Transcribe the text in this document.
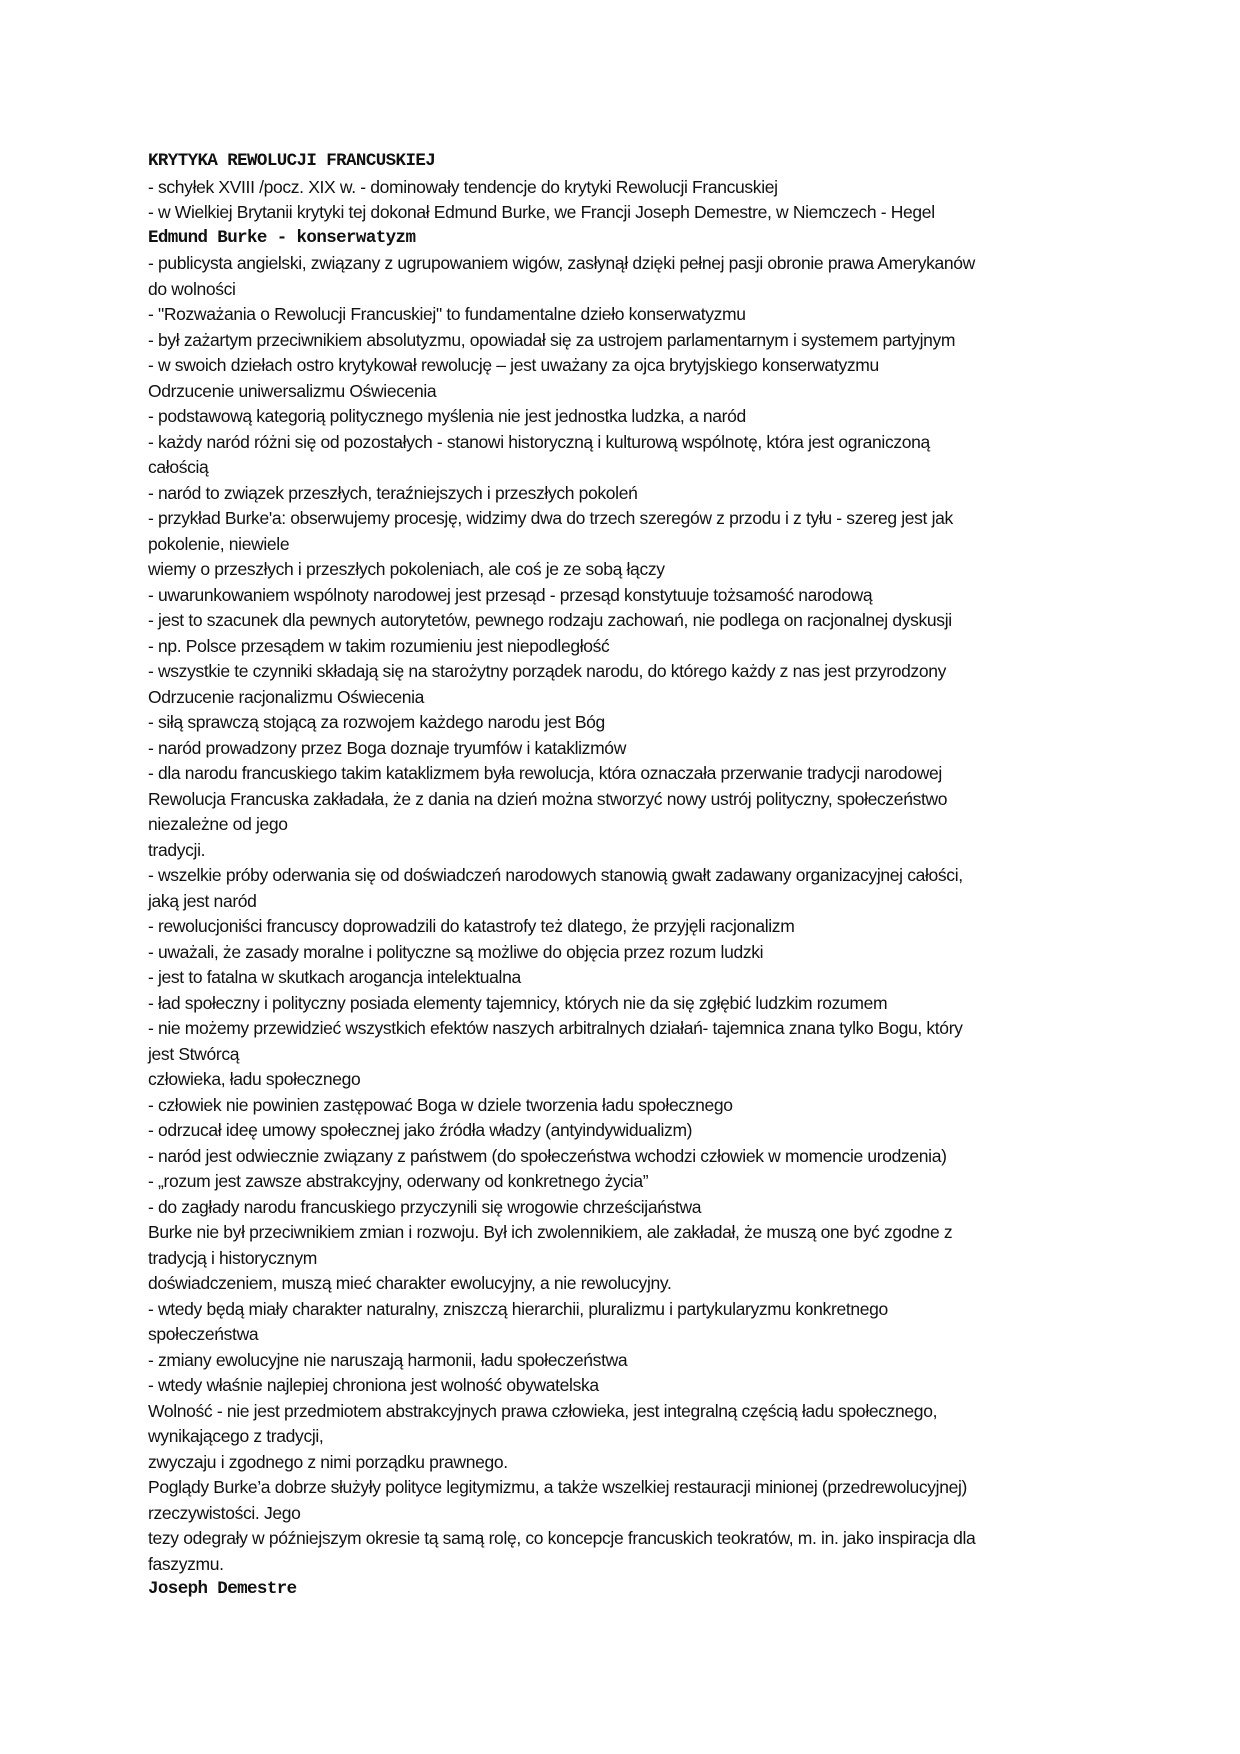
KRYTYKA REWOLUCJI FRANCUSKIEJ
- schyłek XVIII /pocz. XIX w. - dominowały tendencje do krytyki Rewolucji Francuskiej
- w Wielkiej Brytanii krytyki tej dokonał Edmund Burke, we Francji Joseph Demestre, w Niemczech - Hegel
Edmund Burke - konserwatyzm
- publicysta angielski, związany z ugrupowaniem wigów, zasłynął dzięki pełnej pasji obronie prawa Amerykanów
do wolności
- "Rozważania o Rewolucji Francuskiej" to fundamentalne dzieło konserwatyzmu
- był zażartym przeciwnikiem absolutyzmu, opowiadał się za ustrojem parlamentarnym i systemem partyjnym
- w swoich dziełach ostro krytykował rewolucję – jest uważany za ojca brytyjskiego konserwatyzmu
Odrzucenie uniwersalizmu Oświecenia
- podstawową kategorią politycznego myślenia nie jest jednostka ludzka, a naród
- każdy naród różni się od pozostałych - stanowi historyczną i kulturową wspólnotę, która jest ograniczoną
całością
- naród to związek przeszłych, teraźniejszych i przeszłych pokoleń
- przykład Burke'a: obserwujemy procesję, widzimy dwa do trzech szeregów z przodu i z tyłu - szereg jest jak
pokolenie, niewiele
wiemy o przeszłych i przeszłych pokoleniach, ale coś je ze sobą łączy
- uwarunkowaniem wspólnoty narodowej jest przesąd - przesąd konstytuuje tożsamość narodową
- jest to szacunek dla pewnych autorytetów, pewnego rodzaju zachowań, nie podlega on racjonalnej dyskusji
- np. Polsce przesądem w takim rozumieniu jest niepodległość
- wszystkie te czynniki składają się na starożytny porządek narodu, do którego każdy z nas jest przyrodzony
Odrzucenie racjonalizmu Oświecenia
- siłą sprawczą stojącą za rozwojem każdego narodu jest Bóg
- naród prowadzony przez Boga doznaje tryumfów i kataklizmów
- dla narodu francuskiego takim kataklizmem była rewolucja, która oznaczała przerwanie tradycji narodowej
Rewolucja Francuska zakładała, że z dania na dzień można stworzyć nowy ustrój polityczny, społeczeństwo
niezależne od jego
tradycji.
- wszelkie próby oderwania się od doświadczeń narodowych stanowią gwałt zadawany organizacyjnej całości,
jaką jest naród
- rewolucjoniści francuscy doprowadzili do katastrofy też dlatego, że przyjęli racjonalizm
- uważali, że zasady moralne i polityczne są możliwe do objęcia przez rozum ludzki
- jest to fatalna w skutkach arogancja intelektualna
- ład społeczny i polityczny posiada elementy tajemnicy, których nie da się zgłębić ludzkim rozumem
- nie możemy przewidzieć wszystkich efektów naszych arbitralnych działań- tajemnica znana tylko Bogu, który
jest Stwórcą
człowieka, ładu społecznego
- człowiek nie powinien zastępować Boga w dziele tworzenia ładu społecznego
- odrzucał ideę umowy społecznej jako źródła władzy (antyindywidualizm)
- naród jest odwiecznie związany z państwem (do społeczeństwa wchodzi człowiek w momencie urodzenia)
- „rozum jest zawsze abstrakcyjny, oderwany od konkretnego życia”
- do zagłady narodu francuskiego przyczynili się wrogowie chrześcijaństwa
Burke nie był przeciwnikiem zmian i rozwoju. Był ich zwolennikiem, ale zakładał, że muszą one być zgodne z
tradycją i historycznym
doświadczeniem, muszą mieć charakter ewolucyjny, a nie rewolucyjny.
- wtedy będą miały charakter naturalny, zniszczą hierarchii, pluralizmu i partykularyzmu konkretnego
społeczeństwa
- zmiany ewolucyjne nie naruszają harmonii, ładu społeczeństwa
- wtedy właśnie najlepiej chroniona jest wolność obywatelska
Wolność - nie jest przedmiotem abstrakcyjnych prawa człowieka, jest integralną częścią ładu społecznego,
wynikającego z tradycji,
zwyczaju i zgodnego z nimi porządku prawnego.
Poglądy Burke’a dobrze służyły polityce legitymizmu, a także wszelkiej restauracji minionej (przedrewolucyjnej)
rzeczywistości. Jego
tezy odegrały w późniejszym okresie tą samą rolę, co koncepcje francuskich teokratów, m. in. jako inspiracja dla
faszyzmu.
Joseph Demestre
